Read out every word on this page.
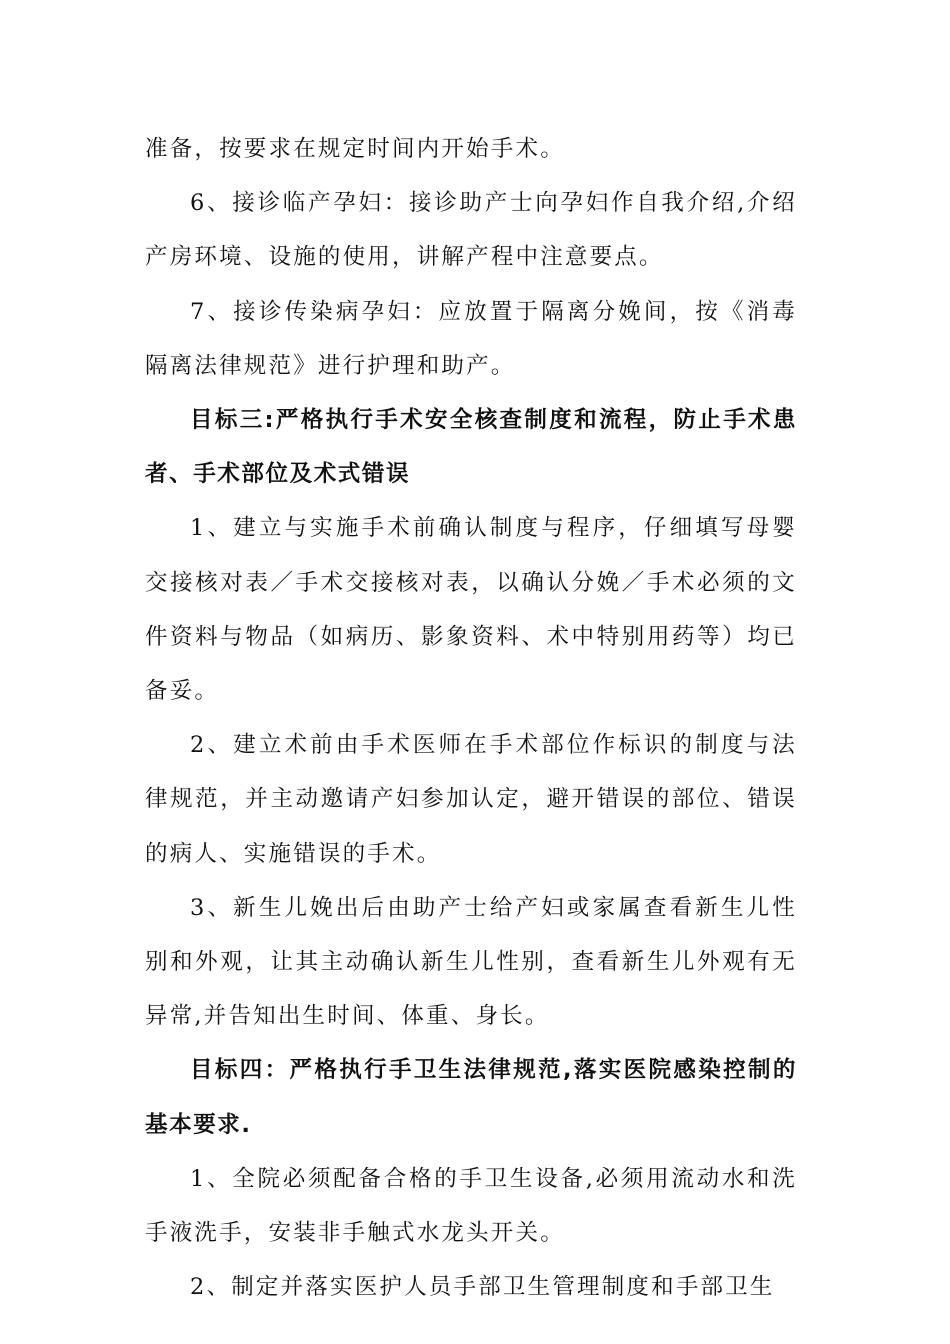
准备，按要求在规定时间内开始手术。

6、接诊临产孕妇：接诊助产士向孕妇作自我介绍,介绍产房环境、设施的使用，讲解产程中注意要点。

7、接诊传染病孕妇：应放置于隔离分娩间，按《消毒隔离法律规范》进行护理和助产。

目标三:严格执行手术安全核查制度和流程，防止手术患者、手术部位及术式错误

1、建立与实施手术前确认制度与程序，仔细填写母婴交接核对表／手术交接核对表，以确认分娩／手术必须的文件资料与物品（如病历、影象资料、术中特别用药等）均已备妥。

2、建立术前由手术医师在手术部位作标识的制度与法律规范，并主动邀请产妇参加认定，避开错误的部位、错误的病人、实施错误的手术。

3、新生儿娩出后由助产士给产妇或家属查看新生儿性别和外观，让其主动确认新生儿性别，查看新生儿外观有无异常,并告知出生时间、体重、身长。

目标四：严格执行手卫生法律规范,落实医院感染控制的基本要求.

1、全院必须配备合格的手卫生设备,必须用流动水和洗手液洗手，安装非手触式水龙头开关。

2、制定并落实医护人员手部卫生管理制度和手部卫生
